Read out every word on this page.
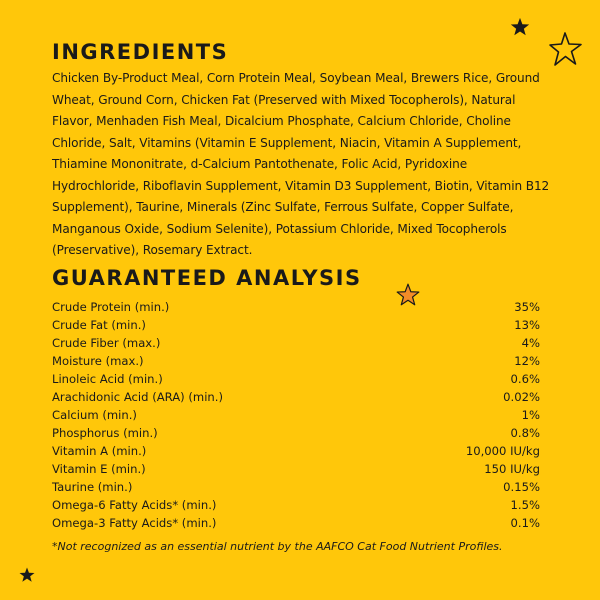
INGREDIENTS

Chicken By-Product Meal, Corn Protein Meal, Soybean Meal, Brewers Rice, Ground Wheat, Ground Corn, Chicken Fat (Preserved with Mixed Tocopherols), Natural Flavor, Menhaden Fish Meal, Dicalcium Phosphate, Calcium Chloride, Choline Chloride, Salt, Vitamins (Vitamin E Supplement, Niacin, Vitamin A Supplement, Thiamine Mononitrate, d-Calcium Pantothenate, Folic Acid, Pyridoxine Hydrochloride, Riboflavin Supplement, Vitamin D3 Supplement, Biotin, Vitamin B12 Supplement), Taurine, Minerals (Zinc Sulfate, Ferrous Sulfate, Copper Sulfate, Manganous Oxide, Sodium Selenite), Potassium Chloride, Mixed Tocopherols (Preservative), Rosemary Extract.

GUARANTEED ANALYSIS
Crude Protein (min.)	35%
Crude Fat (min.)	13%
Crude Fiber (max.)	4%
Moisture (max.)	12%
Linoleic Acid (min.)	0.6%
Arachidonic Acid (ARA) (min.)	0.02%
Calcium (min.)	1%
Phosphorus (min.)	0.8%
Vitamin A (min.)	10,000 IU/kg
Vitamin E (min.)	150 IU/kg
Taurine (min.)	0.15%
Omega-6 Fatty Acids* (min.)	1.5%
Omega-3 Fatty Acids* (min.)	0.1%

*Not recognized as an essential nutrient by the AAFCO Cat Food Nutrient Profiles.
